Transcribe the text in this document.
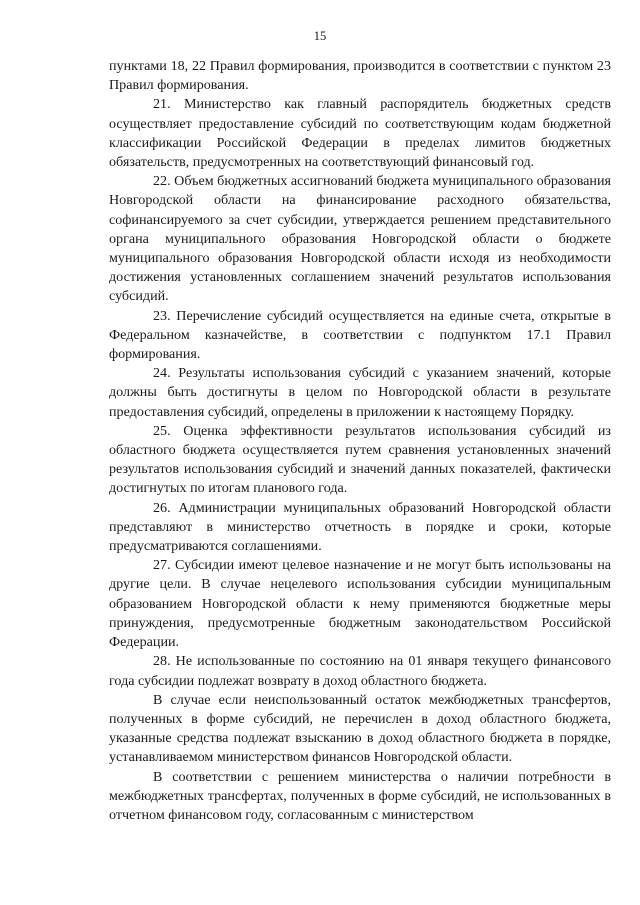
15

пунктами 18, 22 Правил формирования, производится в соответствии с пунктом 23 Правил формирования.

21. Министерство как главный распорядитель бюджетных средств осуществляет предоставление субсидий по соответствующим кодам бюджетной классификации Российской Федерации в пределах лимитов бюджетных обязательств, предусмотренных на соответствующий финансовый год.

22. Объем бюджетных ассигнований бюджета муниципального образования Новгородской области на финансирование расходного обязательства, софинансируемого за счет субсидии, утверждается решением представительного органа муниципального образования Новгородской области о бюджете муниципального образования Новгородской области исходя из необходимости достижения установленных соглашением значений результатов использования субсидий.

23. Перечисление субсидий осуществляется на единые счета, открытые в Федеральном казначействе, в соответствии с подпунктом 17.1 Правил формирования.

24. Результаты использования субсидий с указанием значений, которые должны быть достигнуты в целом по Новгородской области в результате предоставления субсидий, определены в приложении к настоящему Порядку.

25. Оценка эффективности результатов использования субсидий из областного бюджета осуществляется путем сравнения установленных значений результатов использования субсидий и значений данных показателей, фактически достигнутых по итогам планового года.

26. Администрации муниципальных образований Новгородской области представляют в министерство отчетность в порядке и сроки, которые предусматриваются соглашениями.

27. Субсидии имеют целевое назначение и не могут быть использованы на другие цели. В случае нецелевого использования субсидии муниципальным образованием Новгородской области к нему применяются бюджетные меры принуждения, предусмотренные бюджетным законодательством Российской Федерации.

28. Не использованные по состоянию на 01 января текущего финансового года субсидии подлежат возврату в доход областного бюджета.

В случае если неиспользованный остаток межбюджетных трансфертов, полученных в форме субсидий, не перечислен в доход областного бюджета, указанные средства подлежат взысканию в доход областного бюджета в порядке, устанавливаемом министерством финансов Новгородской области.

В соответствии с решением министерства о наличии потребности в межбюджетных трансфертах, полученных в форме субсидий, не использованных в отчетном финансовом году, согласованным с министерством
